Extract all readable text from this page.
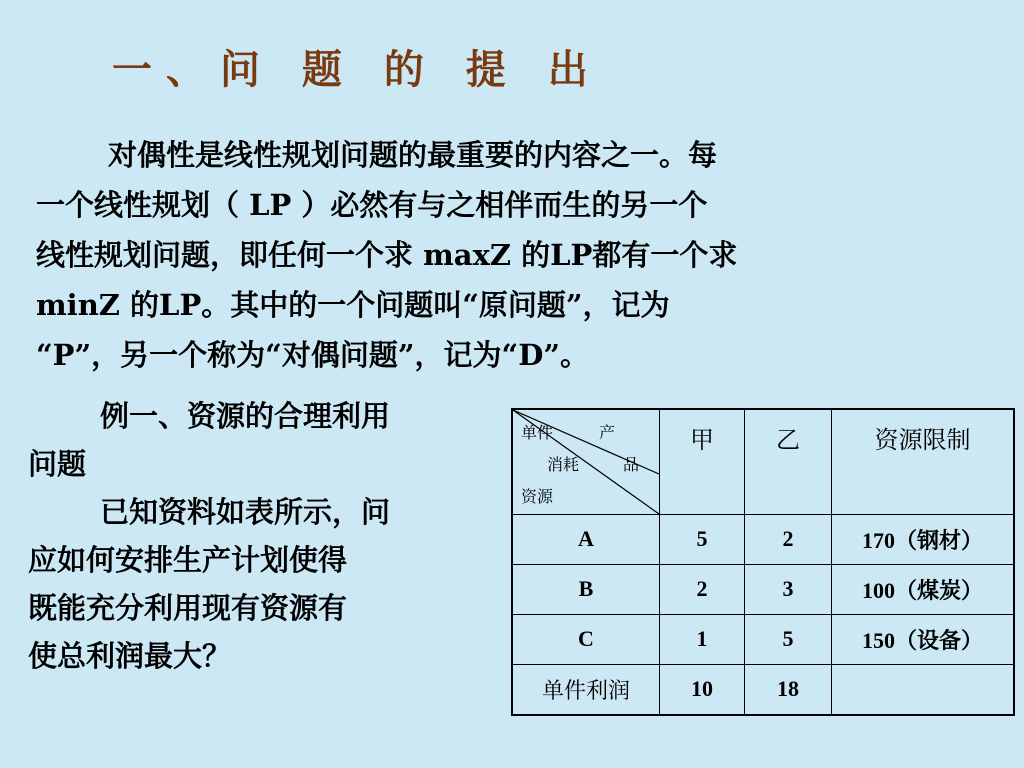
一、问 题 的 提 出
对偶性是线性规划问题的最重要的内容之一。每
一个线性规划（ LP ）必然有与之相伴而生的另一个
线性规划问题，即任何一个求 maxZ 的LP都有一个求
minZ 的LP。其中的一个问题叫“原问题”，记为
“P”，另一个称为“对偶问题”，记为“D”。
例一、资源的合理利用
问题
已知资料如表所示，问
应如何安排生产计划使得
既能充分利用现有资源有
使总利润最大？
单件 产
消耗 品
资源	甲	乙	资源限制
A	5	2	170（钢材）
B	2	3	100（煤炭）
C	1	5	150（设备）
单件利润	10	18	
